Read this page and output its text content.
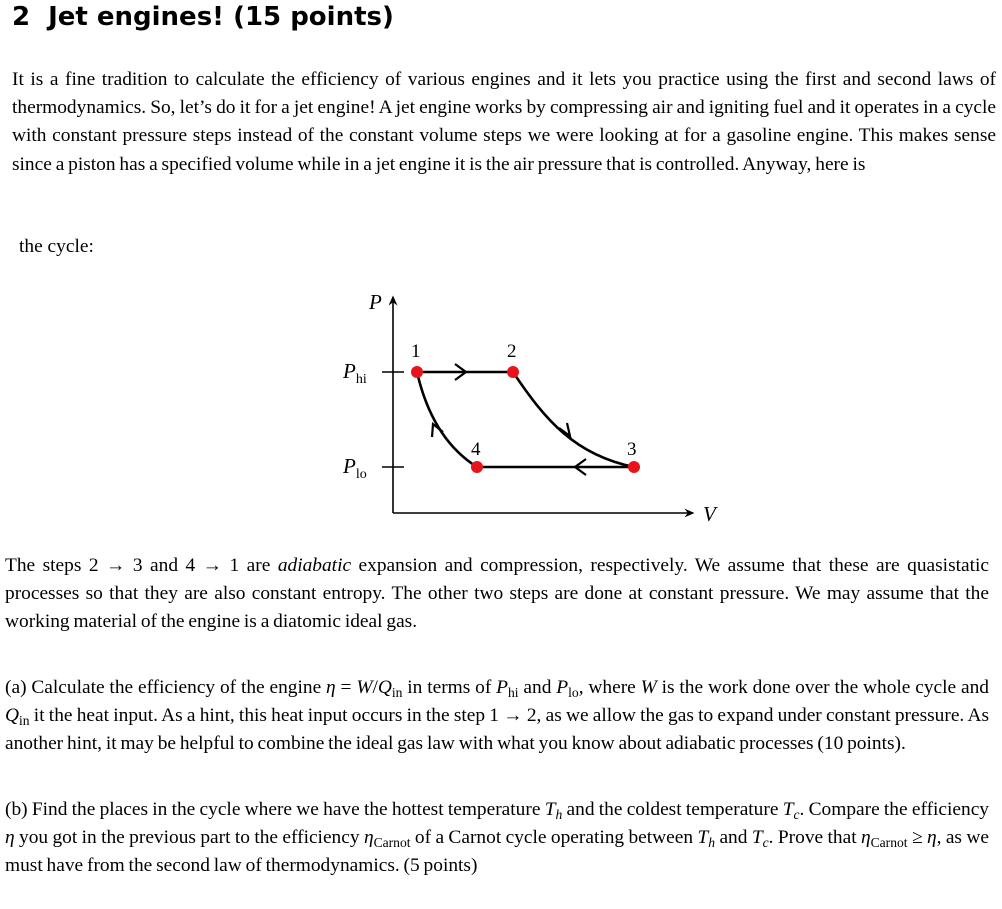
2 Jet engines! (15 points)

It is a fine tradition to calculate the efficiency of various engines and it lets you practice using the first and second laws of thermodynamics. So, let’s do it for a jet engine! A jet engine works by compressing air and igniting fuel and it operates in a cycle with constant pressure steps instead of the constant volume steps we were looking at for a gasoline engine. This makes sense since a piston has a specified volume while in a jet engine it is the air pressure that is controlled. Anyway, here is

the cycle:
P
V
$P_{hi}$
$P_{lo}$
1	2
3
4

The steps 2 → 3 and 4 → 1 are adiabatic expansion and compression, respectively. We assume that these are quasistatic processes so that they are also constant entropy. The other two steps are done at constant pressure. We may assume that the working material of the engine is a diatomic ideal gas.

(a) Calculate the efficiency of the engine $\eta = W/Q_{in}$ in terms of $P_{hi}$ and $P_{lo}$, where W is the work done over the whole cycle and $Q_{in}$ it the heat input. As a hint, this heat input occurs in the step 1 → 2, as we allow the gas to expand under constant pressure. As another hint, it may be helpful to combine the ideal gas law with what you know about adiabatic processes (10 points).

(b) Find the places in the cycle where we have the hottest temperature $T_h$ and the coldest temperature $T_c$. Compare the efficiency η you got in the previous part to the efficiency $\eta_{Carnot}$ of a Carnot cycle operating between $T_h$ and $T_c$. Prove that $\eta_{Carnot} \ge \eta$, as we must have from the second law of thermodynamics. (5 points)
